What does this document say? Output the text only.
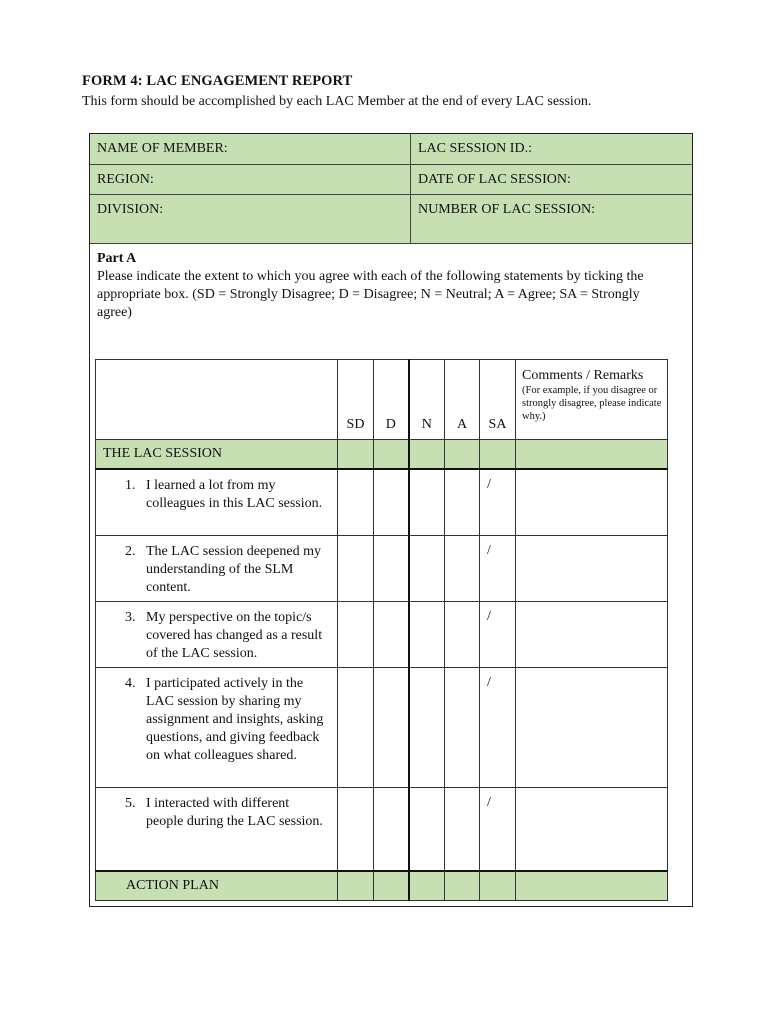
FORM 4: LAC ENGAGEMENT REPORT
This form should be accomplished by each LAC Member at the end of every LAC session.
NAME OF MEMBER:	LAC SESSION ID.:
REGION:	DATE OF LAC SESSION:
DIVISION:	NUMBER OF LAC SESSION:
Part A
Please indicate the extent to which you agree with each of the following statements by ticking the appropriate box. (SD = Strongly Disagree; D = Disagree; N = Neutral; A = Agree; SA = Strongly agree)
	SD	D	N	A	SA	Comments / Remarks
(For example, if you disagree or strongly disagree, please indicate why.)

THE LAC SESSION						

1. I learned a lot from my colleagues in this LAC session.					/	

2. The LAC session deepened my understanding of the SLM content.					/	

3. My perspective on the topic/s covered has changed as a result of the LAC session.					/	

4. I participated actively in the LAC session by sharing my assignment and insights, asking questions, and giving feedback on what colleagues shared.					/	

5. I interacted with different people during the LAC session.					/	
ACTION PLAN						
